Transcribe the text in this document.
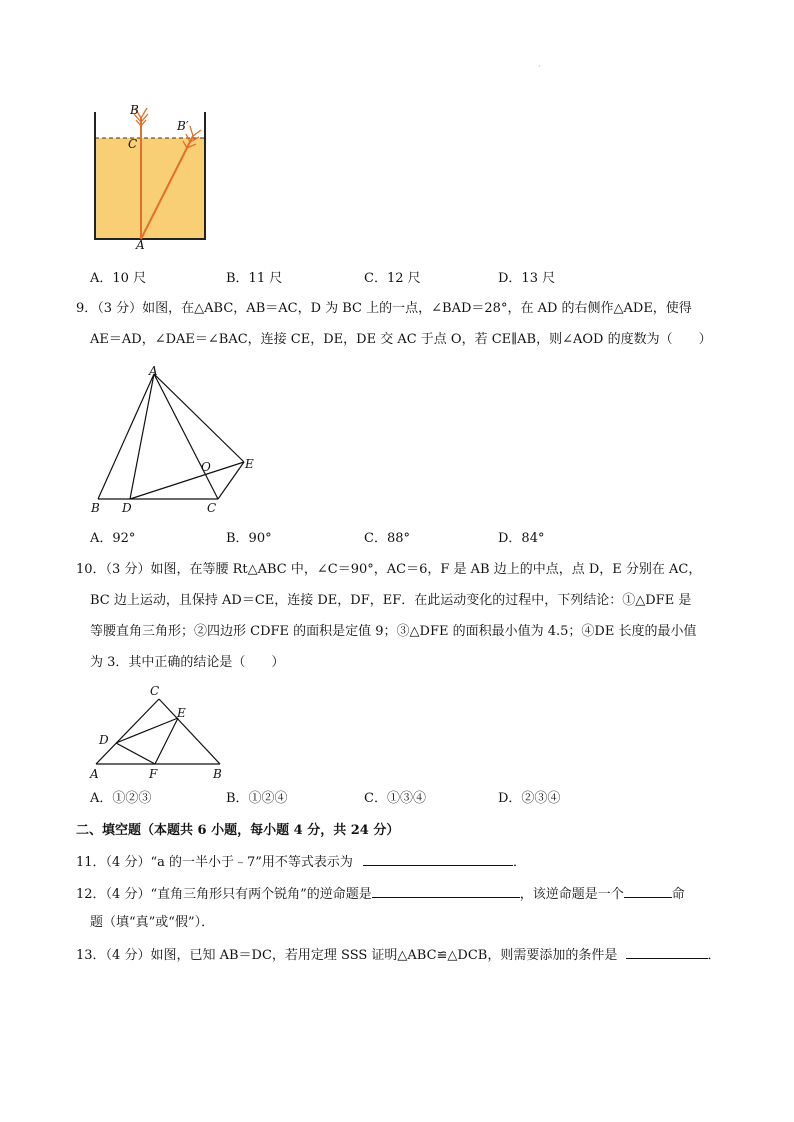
·
B
C
B′
A
A．10 尺	B．11 尺	C．12 尺	D．13 尺
9．（3 分）如图，在△ABC，AB＝AC，D 为 BC 上的一点，∠BAD＝28°，在 AD 的右侧作△ADE，使得
AE＝AD，∠DAE＝∠BAC，连接 CE，DE，DE 交 AC 于点 O，若 CE∥AB，则∠AOD 的度数为（　　）
A
B D	C
O	E
A．92°	B．90°	C．88°	D．84°
10．（3 分）如图，在等腰 Rt△ABC 中，∠C＝90°，AC＝6，F 是 AB 边上的中点，点 D，E 分别在 AC，
BC 边上运动，且保持 AD＝CE，连接 DE，DF，EF．在此运动变化的过程中，下列结论：①△DFE 是
等腰直角三角形；②四边形 CDFE 的面积是定值 9；③△DFE 的面积最小值为 4.5；④DE 长度的最小值
为 3．其中正确的结论是（　　）
C
E
D
A	F	B
A．①②③	B．①②④	C．①③④	D．②③④
二、填空题（本题共 6 小题，每小题 4 分，共 24 分）
11．（4 分）“a 的一半小于﹣7”用不等式表示为	．
12．（4 分）“直角三角形只有两个锐角”的逆命题是	，该逆命题是一个	命
题（填“真”或“假”）．
13．（4 分）如图，已知 AB＝DC，若用定理 SSS 证明△ABC≌△DCB，则需要添加的条件是	．
